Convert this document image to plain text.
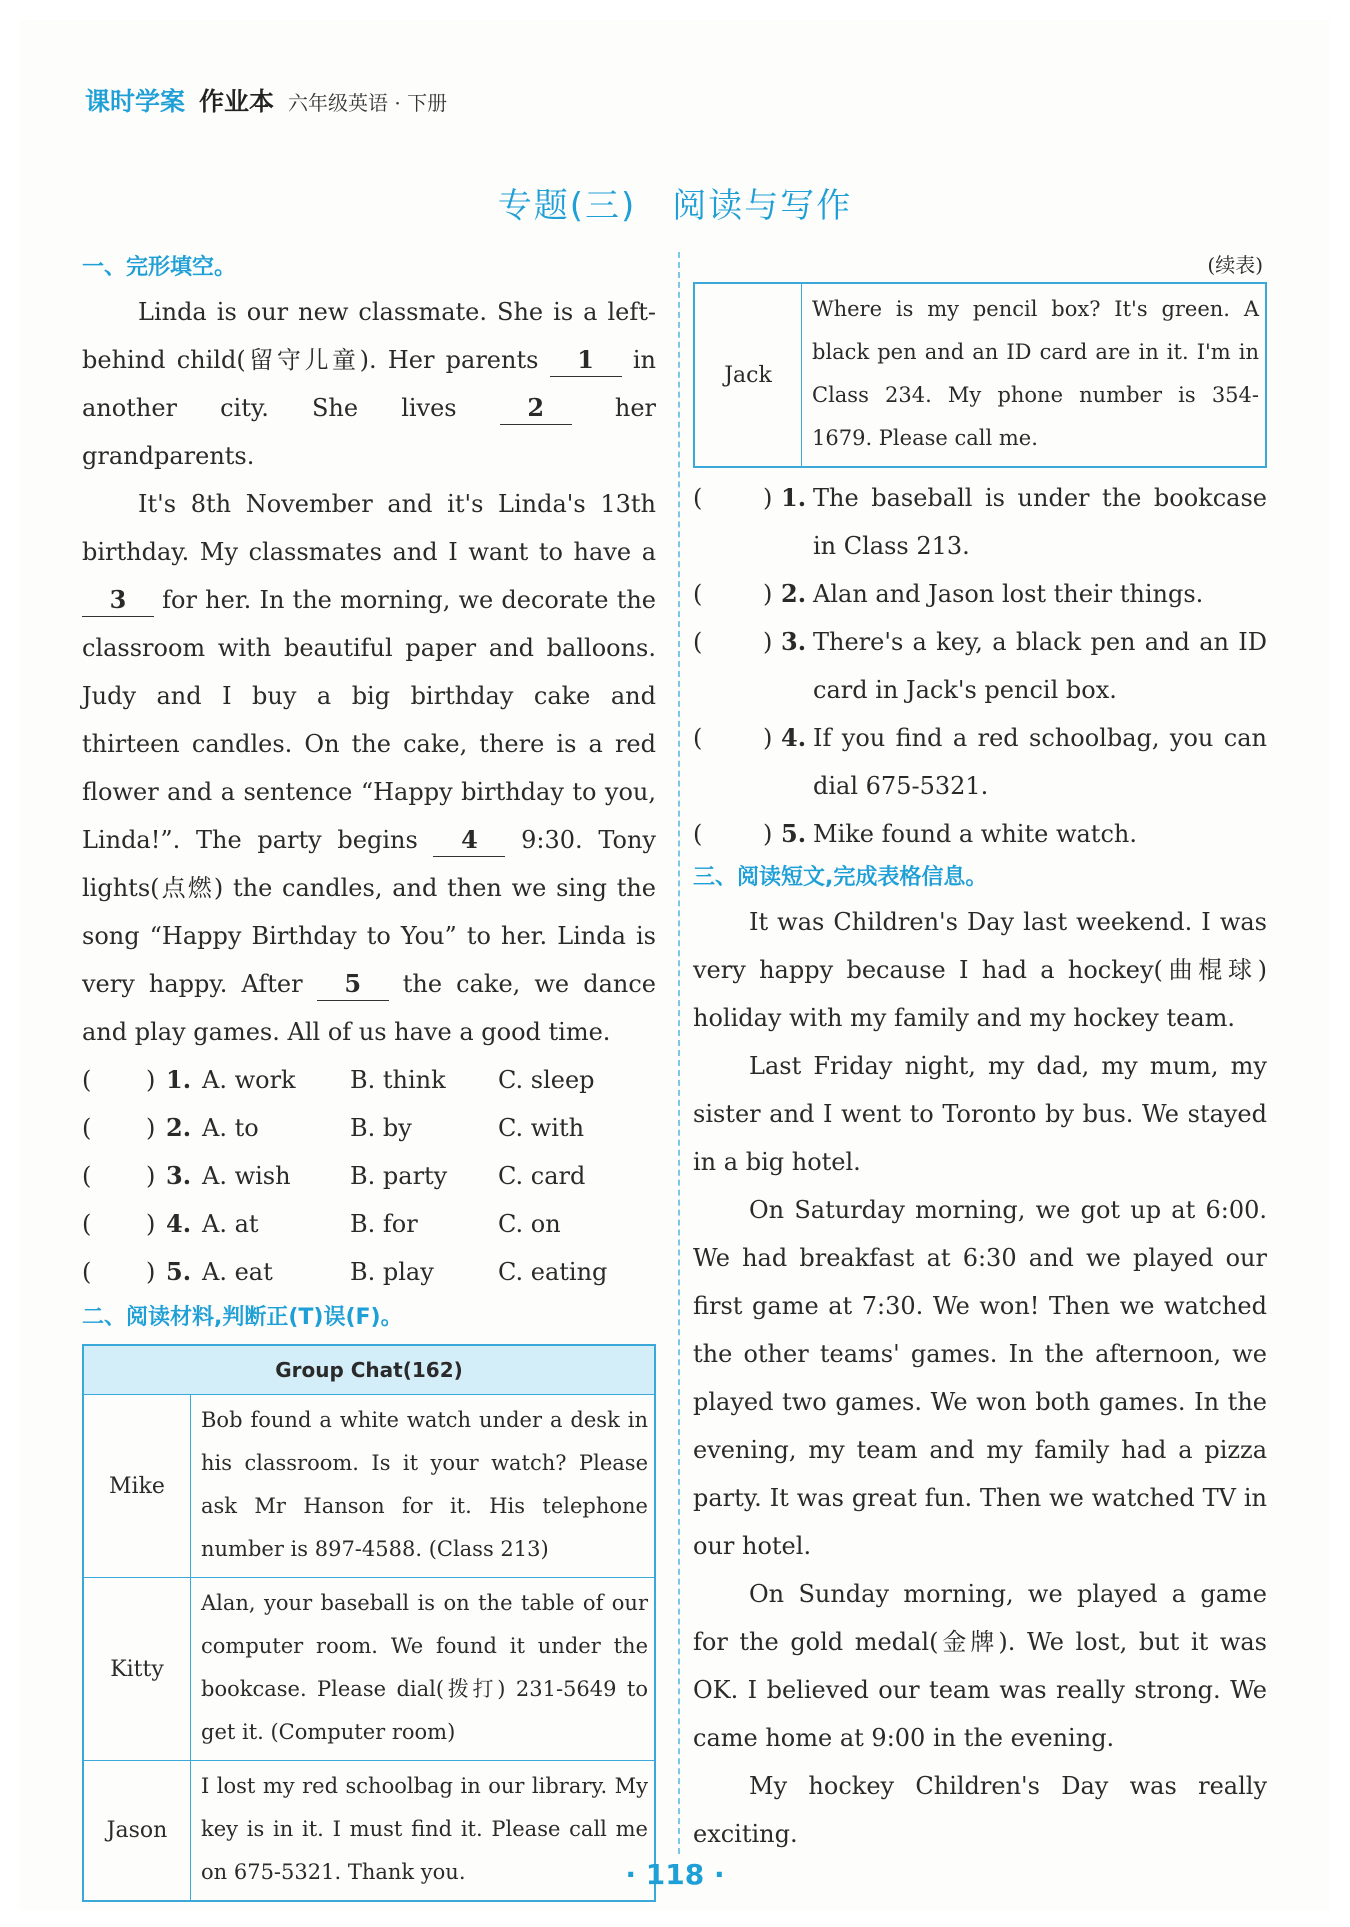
课时学案 作业本 六年级英语 · 下册
专题(三)　阅读与写作

一、完形填空。

Linda is our new classmate. She is a left-behind child(留守儿童). Her parents 1 in another city. She lives 2 her grandparents.

It's 8th November and it's Linda's 13th birthday. My classmates and I want to have a 3 for her. In the morning, we decorate the classroom with beautiful paper and balloons. Judy and I buy a big birthday cake and thirteen candles. On the cake, there is a red flower and a sentence “Happy birthday to you, Linda!”. The party begins 4 9:30. Tony lights(点燃) the candles, and then we sing the song “Happy Birthday to You” to her. Linda is very happy. After 5 the cake, we dance and play games. All of us have a good time.

(	) 1. A. work	B. think	C. sleep
(	) 2. A. to	B. by	C. with
(	) 3. A. wish	B. party	C. card
(	) 4. A. at	B. for	C. on
(	) 5. A. eat	B. play	C. eating

二、阅读材料,判断正(T)误(F)。

Group Chat(162)	
Mike	Bob found a white watch under a desk in his classroom. Is it your watch? Please ask Mr Hanson for it. His telephone number is 897-4588. (Class 213)
Kitty	Alan, your baseball is on the table of our computer room. We found it under the bookcase. Please dial(拨打) 231-5649 to get it. (Computer room)
Jason	I lost my red schoolbag in our library. My key is in it. I must find it. Please call me on 675-5321. Thank you.

(续表)

Jack	Where is my pencil box? It's green. A black pen and an ID card are in it. I'm in Class 234. My phone number is 354-1679. Please call me.
(	) 1. The baseball is under the bookcase in Class 213.
(	) 2. Alan and Jason lost their things.
(	) 3. There's a key, a black pen and an ID card in Jack's pencil box.
(	) 4. If you find a red schoolbag, you can dial 675-5321.
(	) 5. Mike found a white watch.

三、阅读短文,完成表格信息。

It was Children's Day last weekend. I was very happy because I had a hockey(曲棍球) holiday with my family and my hockey team.

Last Friday night, my dad, my mum, my sister and I went to Toronto by bus. We stayed in a big hotel.

On Saturday morning, we got up at 6:00. We had breakfast at 6:30 and we played our first game at 7:30. We won! Then we watched the other teams' games. In the afternoon, we played two games. We won both games. In the evening, my team and my family had a pizza party. It was great fun. Then we watched TV in our hotel.

On Sunday morning, we played a game for the gold medal(金牌). We lost, but it was OK. I believed our team was really strong. We came home at 9:00 in the evening.

My hockey Children's Day was really exciting.

· 118 ·
